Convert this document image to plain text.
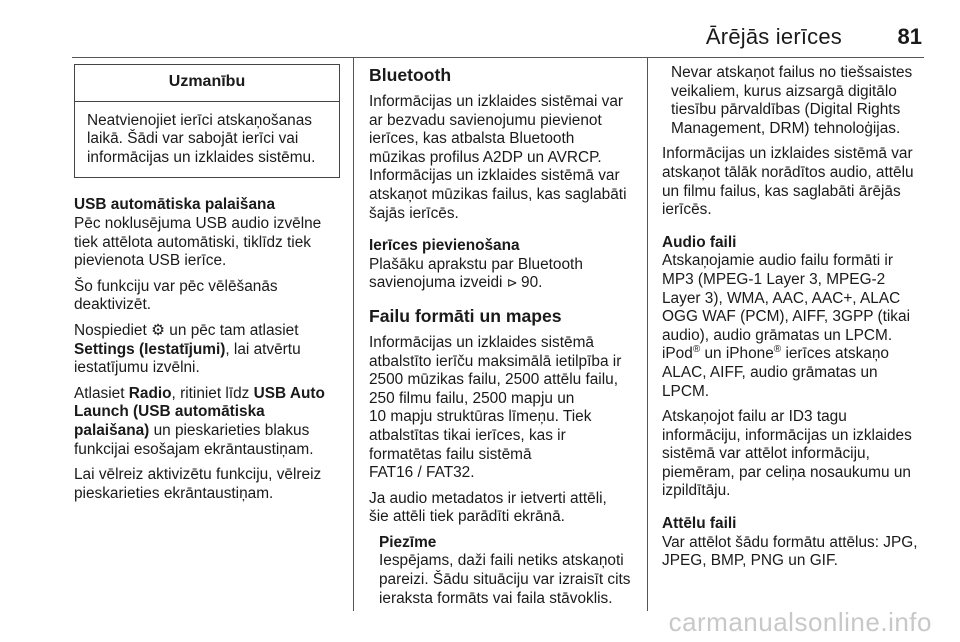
Ārējās ierīces	81
Uzmanību
Neatvienojiet ierīci atskaņošanas
laikā. Šādi var sabojāt ierīci vai
informācijas un izklaides sistēmu.

USB automātiska palaišana

Pēc noklusējuma USB audio izvēlne
tiek attēlota automātiski, tiklīdz tiek
pievienota USB ierīce.

Šo funkciju var pēc vēlēšanās
deaktivizēt.

Nospiediet ⚙ un pēc tam atlasiet
Settings (Iestatījumi), lai atvērtu
iestatījumu izvēlni.

Atlasiet Radio, ritiniet līdz USB Auto
Launch (USB automātiska
palaišana) un pieskarieties blakus
funkcijai esošajam ekrāntaustiņam.

Lai vēlreiz aktivizētu funkciju, vēlreiz
pieskarieties ekrāntaustiņam.

Bluetooth

Informācijas un izklaides sistēmai var
ar bezvadu savienojumu pievienot
ierīces, kas atbalsta Bluetooth
mūzikas profilus A2DP un AVRCP.
Informācijas un izklaides sistēmā var
atskaņot mūzikas failus, kas saglabāti
šajās ierīcēs.

Ierīces pievienošana

Plašāku aprakstu par Bluetooth
savienojuma izveidi ⊳ 90.

Failu formāti un mapes

Informācijas un izklaides sistēmā
atbalstīto ierīču maksimālā ietilpība ir
2500 mūzikas failu, 2500 attēlu failu,
250 filmu failu, 2500 mapju un
10 mapju struktūras līmeņu. Tiek
atbalstītas tikai ierīces, kas ir
formatētas failu sistēmā
FAT16 / FAT32.

Ja audio metadatos ir ietverti attēli,
šie attēli tiek parādīti ekrānā.

Piezīme
Iespējams, daži faili netiks atskaņoti
pareizi. Šādu situāciju var izraisīt cits
ieraksta formāts vai faila stāvoklis.
Nevar atskaņot failus no tiešsaistes
veikaliem, kurus aizsargā digitālo
tiesību pārvaldības (Digital Rights
Management, DRM) tehnoloģijas.

Informācijas un izklaides sistēmā var
atskaņot tālāk norādītos audio, attēlu
un filmu failus, kas saglabāti ārējās
ierīcēs.

Audio faili

Atskaņojamie audio failu formāti ir
MP3 (MPEG-1 Layer 3, MPEG-2
Layer 3), WMA, AAC, AAC+, ALAC
OGG WAF (PCM), AIFF, 3GPP (tikai
audio), audio grāmatas un LPCM.
iPod® un iPhone® ierīces atskaņo
ALAC, AIFF, audio grāmatas un
LPCM.

Atskaņojot failu ar ID3 tagu
informāciju, informācijas un izklaides
sistēmā var attēlot informāciju,
piemēram, par celiņa nosaukumu un
izpildītāju.

Attēlu faili

Var attēlot šādu formātu attēlus: JPG,
JPEG, BMP, PNG un GIF.

carmanualsonline.info
